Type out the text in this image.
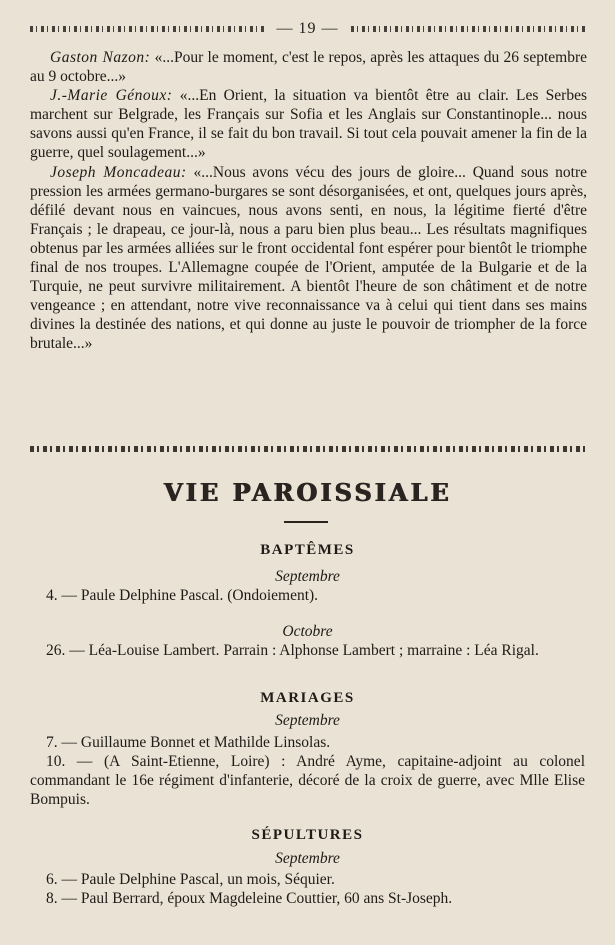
— 19 —

Gaston Nazon: «...Pour le moment, c'est le repos, après les attaques du 26 septembre au 9 octobre...»

J.-Marie Génoux: «...En Orient, la situation va bientôt être au clair. Les Serbes marchent sur Belgrade, les Français sur Sofia et les Anglais sur Constantinople... nous savons aussi qu'en France, il se fait du bon travail. Si tout cela pouvait amener la fin de la guerre, quel soulagement...»

Joseph Moncadeau: «...Nous avons vécu des jours de gloire... Quand sous notre pression les armées germano-burgares se sont désorganisées, et ont, quelques jours après, défilé devant nous en vaincues, nous avons senti, en nous, la légitime fierté d'être Français ; le drapeau, ce jour-là, nous a paru bien plus beau... Les résultats magnifiques obtenus par les armées alliées sur le front occidental font espérer pour bientôt le triomphe final de nos troupes. L'Allemagne coupée de l'Orient, amputée de la Bulgarie et de la Turquie, ne peut survivre militairement. A bientôt l'heure de son châtiment et de notre vengeance ; en attendant, notre vive reconnaissance va à celui qui tient dans ses mains divines la destinée des nations, et qui donne au juste le pouvoir de triompher de la force brutale...»

VIE PAROISSIALE
BAPTÊMES
Septembre
4. — Paule Delphine Pascal. (Ondoiement).
Octobre
26. — Léa-Louise Lambert. Parrain : Alphonse Lambert ; marraine : Léa Rigal.
MARIAGES
Septembre
7. — Guillaume Bonnet et Mathilde Linsolas.
10. — (A Saint-Etienne, Loire) : André Ayme, capitaine-adjoint au colonel commandant le 16e régiment d'infanterie, décoré de la croix de guerre, avec Mlle Elise Bompuis.
SÉPULTURES
Septembre
6. — Paule Delphine Pascal, un mois, Séquier.
8. — Paul Berrard, époux Magdeleine Couttier, 60 ans St-Joseph.
